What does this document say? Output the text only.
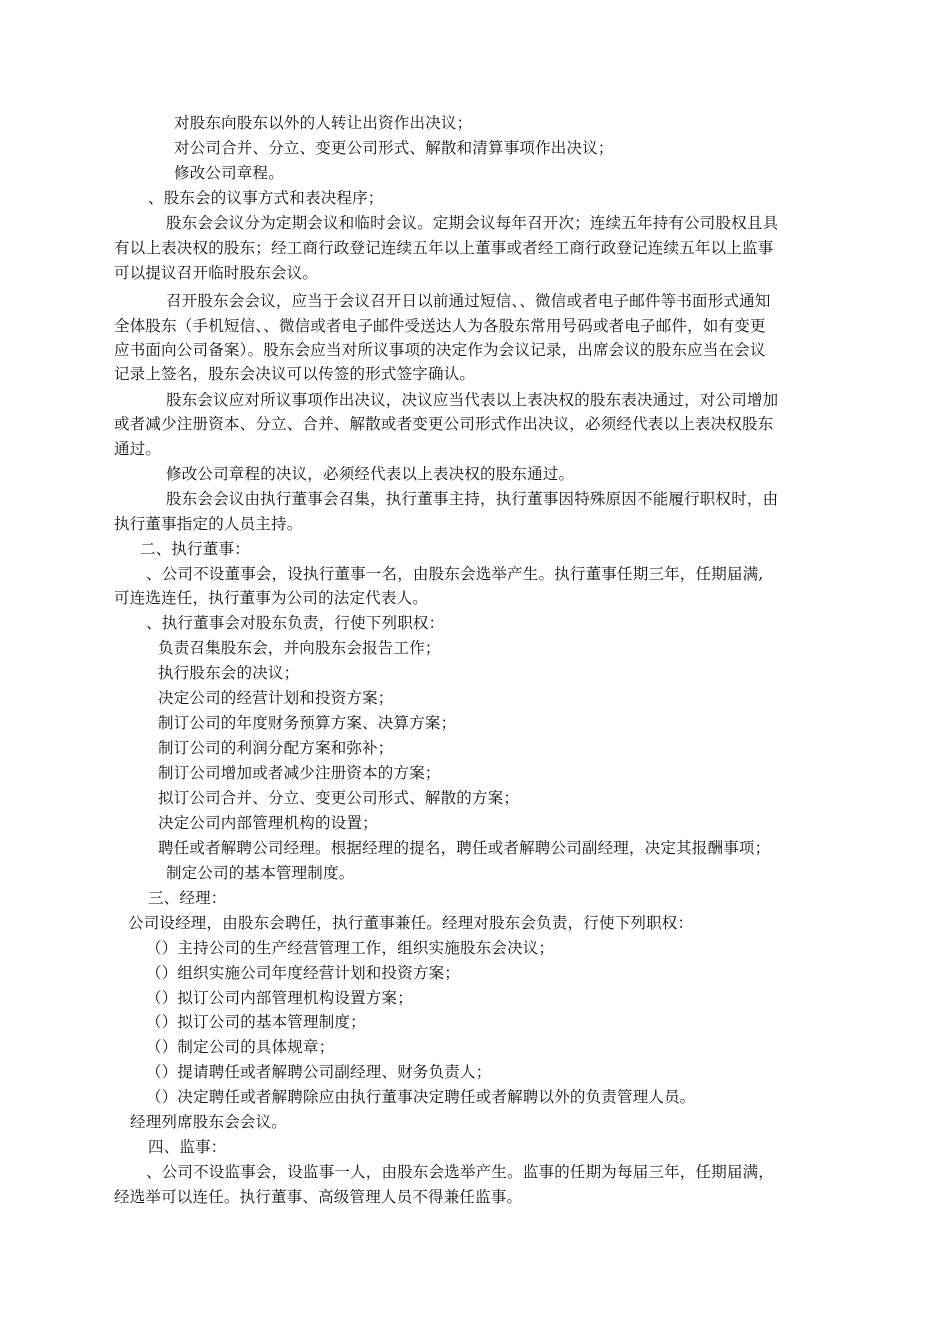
对股东向股东以外的人转让出资作出决议；
对公司合并、分立、变更公司形式、解散和清算事项作出决议；
修改公司章程。
、股东会的议事方式和表决程序；
股东会会议分为定期会议和临时会议。定期会议每年召开次；连续五年持有公司股权且具
有以上表决权的股东；经工商行政登记连续五年以上董事或者经工商行政登记连续五年以上监事
可以提议召开临时股东会议。
召开股东会会议，应当于会议召开日以前通过短信、、微信或者电子邮件等书面形式通知
全体股东（手机短信、、微信或者电子邮件受送达人为各股东常用号码或者电子邮件，如有变更
应书面向公司备案）。股东会应当对所议事项的决定作为会议记录，出席会议的股东应当在会议
记录上签名，股东会决议可以传签的形式签字确认。
股东会议应对所议事项作出决议，决议应当代表以上表决权的股东表决通过，对公司增加
或者减少注册资本、分立、合并、解散或者变更公司形式作出决议，必须经代表以上表决权股东
通过。
修改公司章程的决议，必须经代表以上表决权的股东通过。
股东会会议由执行董事会召集，执行董事主持，执行董事因特殊原因不能履行职权时，由
执行董事指定的人员主持。
二、执行董事：
、公司不设董事会，设执行董事一名，由股东会选举产生。执行董事任期三年，任期届满,
可连选连任，执行董事为公司的法定代表人。
、执行董事会对股东负责，行使下列职权：
负责召集股东会，并向股东会报告工作；
执行股东会的决议；
决定公司的经营计划和投资方案；
制订公司的年度财务预算方案、决算方案；
制订公司的利润分配方案和弥补；
制订公司增加或者减少注册资本的方案；
拟订公司合并、分立、变更公司形式、解散的方案；
决定公司内部管理机构的设置；
聘任或者解聘公司经理。根据经理的提名，聘任或者解聘公司副经理，决定其报酬事项；
制定公司的基本管理制度。
三、经理：
公司设经理，由股东会聘任，执行董事兼任。经理对股东会负责，行使下列职权：
（）主持公司的生产经营管理工作，组织实施股东会决议；
（）组织实施公司年度经营计划和投资方案；
（）拟订公司内部管理机构设置方案；
（）拟订公司的基本管理制度；
（）制定公司的具体规章；
（）提请聘任或者解聘公司副经理、财务负责人；
（）决定聘任或者解聘除应由执行董事决定聘任或者解聘以外的负责管理人员。
经理列席股东会会议。
四、监事：
、公司不设监事会，设监事一人，由股东会选举产生。监事的任期为每届三年，任期届满，
经选举可以连任。执行董事、高级管理人员不得兼任监事。
